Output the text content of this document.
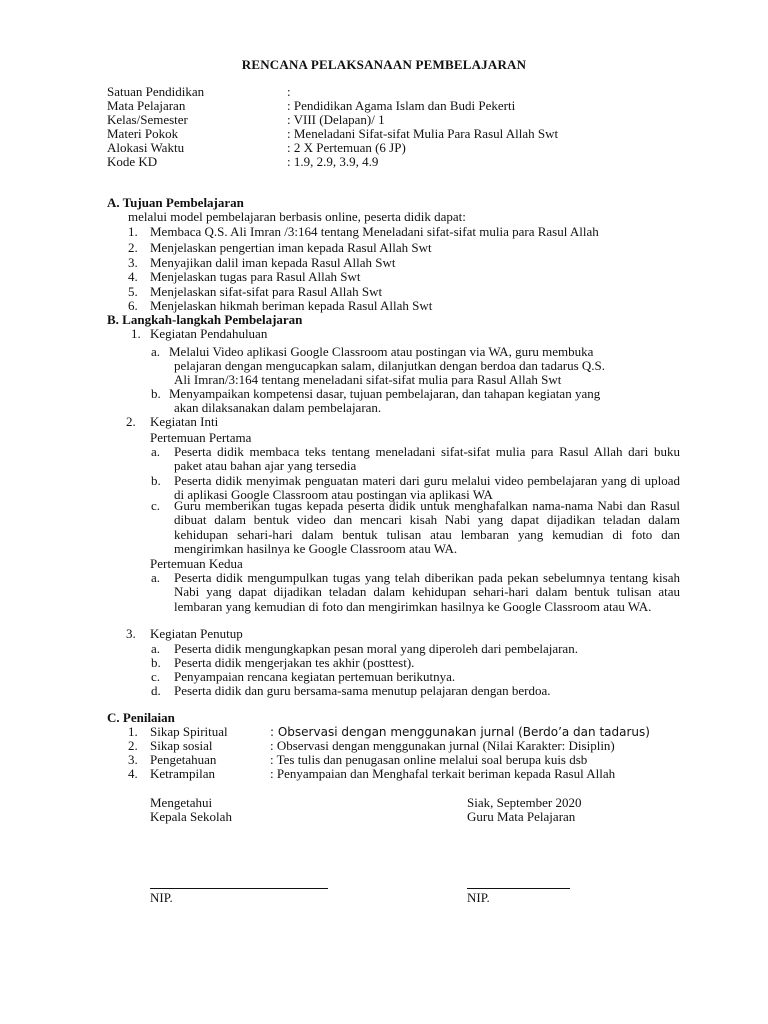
RENCANA PELAKSANAAN PEMBELAJARAN
Satuan Pendidikan	:
Mata Pelajaran	: Pendidikan Agama Islam dan Budi Pekerti
Kelas/Semester	: VIII (Delapan)/ 1
Materi Pokok	: Meneladani Sifat-sifat Mulia Para Rasul Allah Swt
Alokasi Waktu	: 2 X Pertemuan (6 JP)
Kode KD	: 1.9, 2.9, 3.9, 4.9
A. Tujuan Pembelajaran
melalui model pembelajaran berbasis online, peserta didik dapat:
1. Membaca Q.S. Ali Imran /3:164 tentang Meneladani sifat-sifat mulia para Rasul Allah
2. Menjelaskan pengertian iman kepada Rasul Allah Swt
3. Menyajikan dalil iman kepada Rasul Allah Swt
4. Menjelaskan tugas para Rasul Allah Swt
5. Menjelaskan sifat-sifat para Rasul Allah Swt
6. Menjelaskan hikmah beriman kepada Rasul Allah Swt
B. Langkah-langkah Pembelajaran
1. Kegiatan Pendahuluan
a. Melalui Video aplikasi Google Classroom atau postingan via WA, guru membuka
pelajaran dengan mengucapkan salam, dilanjutkan dengan berdoa dan tadarus Q.S.
Ali Imran/3:164 tentang meneladani sifat-sifat mulia para Rasul Allah Swt
b. Menyampaikan kompetensi dasar, tujuan pembelajaran, dan tahapan kegiatan yang
akan dilaksanakan dalam pembelajaran.
2. Kegiatan Inti
Pertemuan Pertama
a. Peserta didik membaca teks tentang meneladani sifat-sifat mulia para Rasul Allah dari buku paket atau bahan ajar yang tersedia
b. Peserta didik menyimak penguatan materi dari guru melalui video pembelajaran yang di upload di aplikasi Google Classroom atau postingan via aplikasi WA
c. Guru memberikan tugas kepada peserta didik untuk menghafalkan nama-nama Nabi dan Rasul dibuat dalam bentuk video dan mencari kisah Nabi yang dapat dijadikan teladan dalam kehidupan sehari-hari dalam bentuk tulisan atau lembaran yang kemudian di foto dan mengirimkan hasilnya ke Google Classroom atau WA.
Pertemuan Kedua
a. Peserta didik mengumpulkan tugas yang telah diberikan pada pekan sebelumnya tentang kisah Nabi yang dapat dijadikan teladan dalam kehidupan sehari-hari dalam bentuk tulisan atau lembaran yang kemudian di foto dan mengirimkan hasilnya ke Google Classroom atau WA.
3. Kegiatan Penutup
a. Peserta didik mengungkapkan pesan moral yang diperoleh dari pembelajaran.
b. Peserta didik mengerjakan tes akhir (posttest).
c. Penyampaian rencana kegiatan pertemuan berikutnya.
d. Peserta didik dan guru bersama-sama menutup pelajaran dengan berdoa.
C. Penilaian
1. Sikap Spiritual	: Observasi dengan menggunakan jurnal (Berdo’a dan tadarus)
2. Sikap sosial	: Observasi dengan menggunakan jurnal (Nilai Karakter: Disiplin)
3. Pengetahuan	: Tes tulis dan penugasan online melalui soal berupa kuis dsb
4. Ketrampilan	: Penyampaian dan Menghafal terkait beriman kepada Rasul Allah
Mengetahui
Kepala Sekolah
Siak, September 2020
Guru Mata Pelajaran
NIP.	NIP.
